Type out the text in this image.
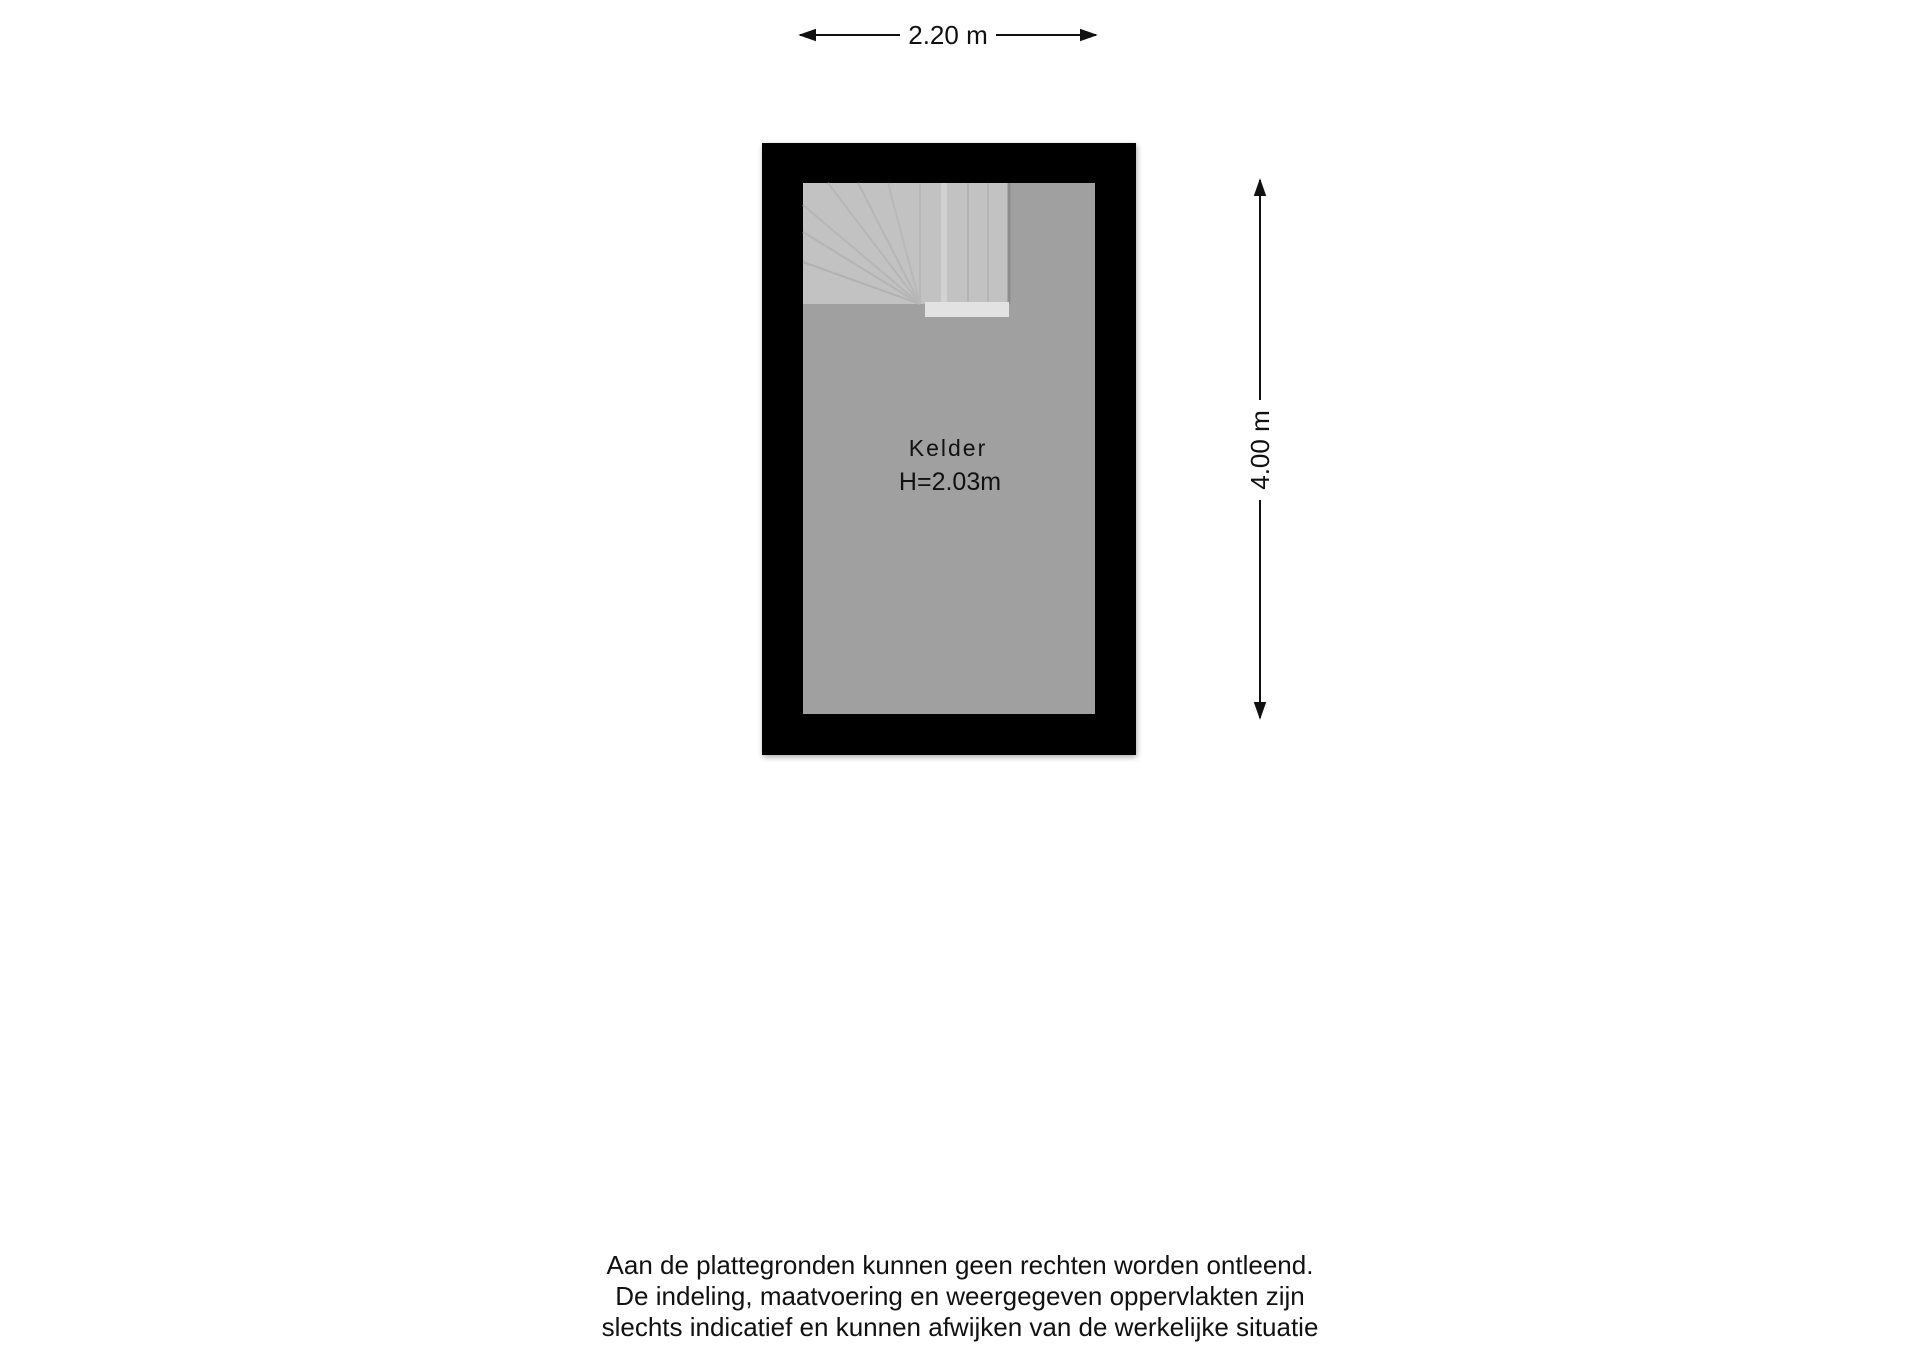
2.20 m
4.00 m
Kelder
H=2.03m
Aan de plattegronden kunnen geen rechten worden ontleend.
De indeling, maatvoering en weergegeven oppervlakten zijn
slechts indicatief en kunnen afwijken van de werkelijke situatie
